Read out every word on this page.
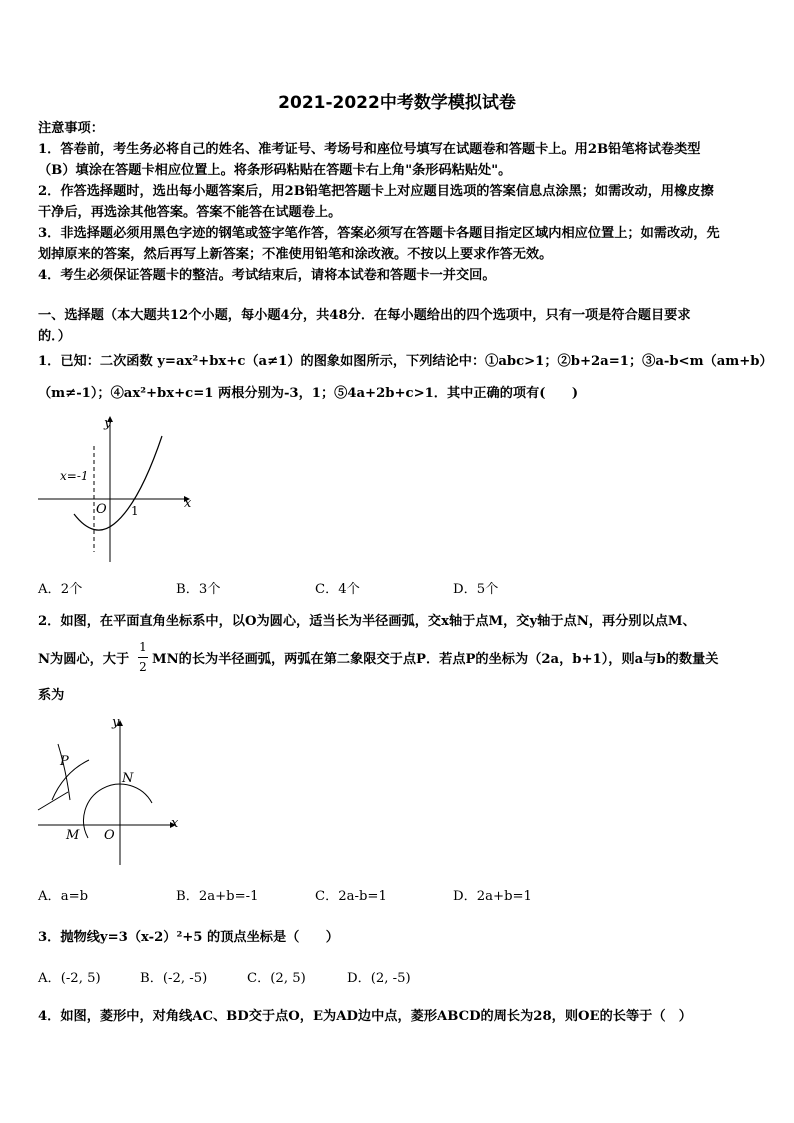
2021-2022中考数学模拟试卷
注意事项：
1．答卷前，考生务必将自己的姓名、准考证号、考场号和座位号填写在试题卷和答题卡上。用2B铅笔将试卷类型
（B）填涂在答题卡相应位置上。将条形码粘贴在答题卡右上角"条形码粘贴处"。
2．作答选择题时，选出每小题答案后，用2B铅笔把答题卡上对应题目选项的答案信息点涂黑；如需改动，用橡皮擦
干净后，再选涂其他答案。答案不能答在试题卷上。
3．非选择题必须用黑色字迹的钢笔或签字笔作答，答案必须写在答题卡各题目指定区域内相应位置上；如需改动，先
划掉原来的答案，然后再写上新答案；不准使用铅笔和涂改液。不按以上要求作答无效。
4．考生必须保证答题卡的整洁。考试结束后，请将本试卷和答题卡一并交回。
一、选择题（本大题共12个小题，每小题4分，共48分．在每小题给出的四个选项中，只有一项是符合题目要求
的．）
1．已知：二次函数 y=ax²+bx+c（a≠1）的图象如图所示，下列结论中：①abc>1；②b+2a=1；③a-b<m（am+b）
（m≠-1）；④ax²+bx+c=1 两根分别为-3，1；⑤4a+2b+c>1．其中正确的项有(　　)
y
x
x=-1
O 1
A．2个	B．3个	C．4个	D．5个
2．如图，在平面直角坐标系中，以O为圆心，适当长为半径画弧，交x轴于点M，交y轴于点N，再分别以点M、
N为圆心，大于
1
2 MN的长为半径画弧，两弧在第二象限交于点P．若点P的坐标为（2a，b+1），则a与b的数量关
系为
y
x
P
N
M O
A．a=b	B．2a+b=-1	C．2a-b=1	D．2a+b=1
3．抛物线y=3（x-2）²+5 的顶点坐标是（　　）
A．(-2, 5)	B．(-2, -5)	C．(2, 5)	D．(2, -5)
4．如图，菱形中，对角线AC、BD交于点O，E为AD边中点，菱形ABCD的周长为28，则OE的长等于（　）
